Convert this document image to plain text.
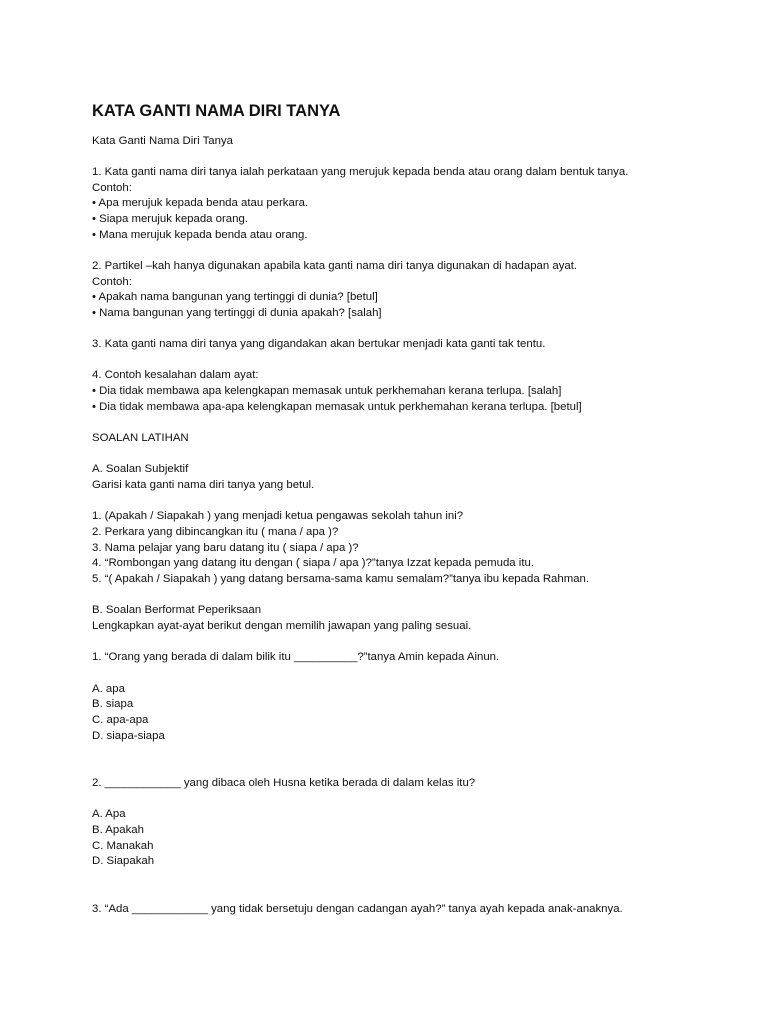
KATA GANTI NAMA DIRI TANYA

Kata Ganti Nama Diri Tanya

1. Kata ganti nama diri tanya ialah perkataan yang merujuk kepada benda atau orang dalam bentuk tanya.

Contoh:

• Apa merujuk kepada benda atau perkara.

• Siapa merujuk kepada orang.

• Mana merujuk kepada benda atau orang.

2. Partikel –kah hanya digunakan apabila kata ganti nama diri tanya digunakan di hadapan ayat.

Contoh:

• Apakah nama bangunan yang tertinggi di dunia? [betul]

• Nama bangunan yang tertinggi di dunia apakah? [salah]

3. Kata ganti nama diri tanya yang digandakan akan bertukar menjadi kata ganti tak tentu.

4. Contoh kesalahan dalam ayat:

• Dia tidak membawa apa kelengkapan memasak untuk perkhemahan kerana terlupa. [salah]

• Dia tidak membawa apa-apa kelengkapan memasak untuk perkhemahan kerana terlupa. [betul]

SOALAN LATIHAN

A. Soalan Subjektif

Garisi kata ganti nama diri tanya yang betul.

1. (Apakah / Siapakah ) yang menjadi ketua pengawas sekolah tahun ini?

2. Perkara yang dibincangkan itu ( mana / apa )?

3. Nama pelajar yang baru datang itu ( siapa / apa )?

4. “Rombongan yang datang itu dengan ( siapa / apa )?”tanya Izzat kepada pemuda itu.

5. “( Apakah / Siapakah ) yang datang bersama-sama kamu semalam?”tanya ibu kepada Rahman.

B. Soalan Berformat Peperiksaan

Lengkapkan ayat-ayat berikut dengan memilih jawapan yang paling sesuai.

1. “Orang yang berada di dalam bilik itu __________?”tanya Amin kepada Ainun.

A. apa

B. siapa

C. apa-apa

D. siapa-siapa

2. ____________ yang dibaca oleh Husna ketika berada di dalam kelas itu?

A. Apa

B. Apakah

C. Manakah

D. Siapakah

3. “Ada ____________ yang tidak bersetuju dengan cadangan ayah?” tanya ayah kepada anak-anaknya.
